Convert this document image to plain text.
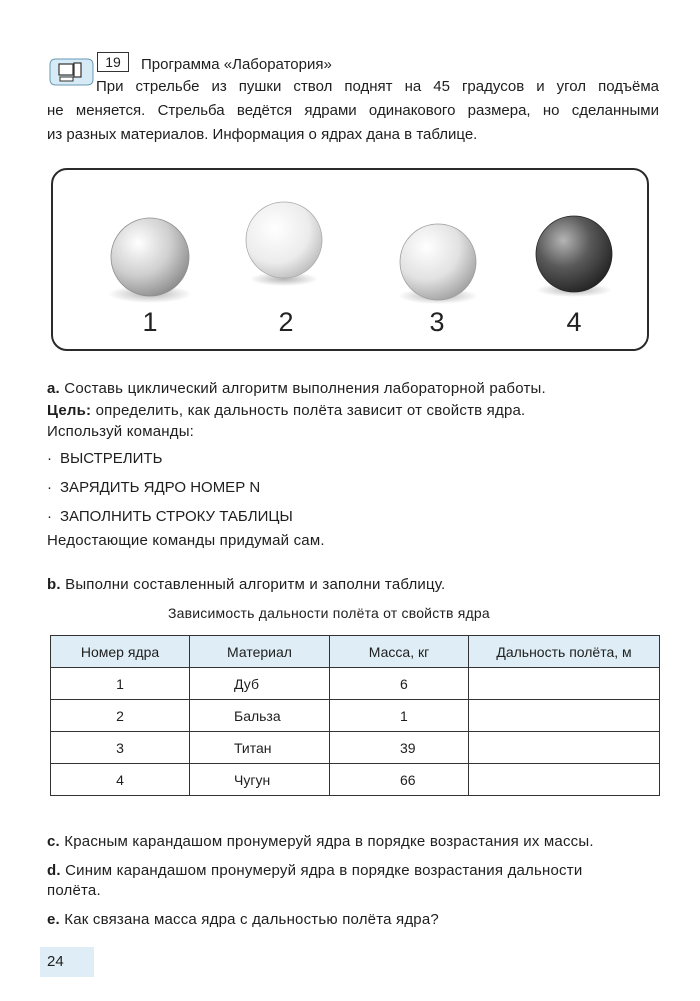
19	Программа «Лаборатория»
При стрельбе из пушки ствол поднят на 45 градусов и угол подъёма
не меняется. Стрельба ведётся ядрами одинакового размера, но сделанными
из разных материалов. Информация о ядрах дана в таблице.
1	2	3	4
a. Составь циклический алгоритм выполнения лабораторной работы.
Цель: определить, как дальность полёта зависит от свойств ядра.
Используй команды:
· ВЫСТРЕЛИТЬ
· ЗАРЯДИТЬ ЯДРО НОМЕР N
· ЗАПОЛНИТЬ СТРОКУ ТАБЛИЦЫ
Недостающие команды придумай сам.
b. Выполни составленный алгоритм и заполни таблицу.
Зависимость дальности полёта от свойств ядра
Номер ядра	Материал	Масса, кг	Дальность полёта, м
1	Дуб	6	
2	Бальза	1	
3	Титан	39	
4	Чугун	66	
c. Красным карандашом пронумеруй ядра в порядке возрастания их массы.
d. Синим карандашом пронумеруй ядра в порядке возрастания дальности
полёта.
e. Как связана масса ядра с дальностью полёта ядра?
24
